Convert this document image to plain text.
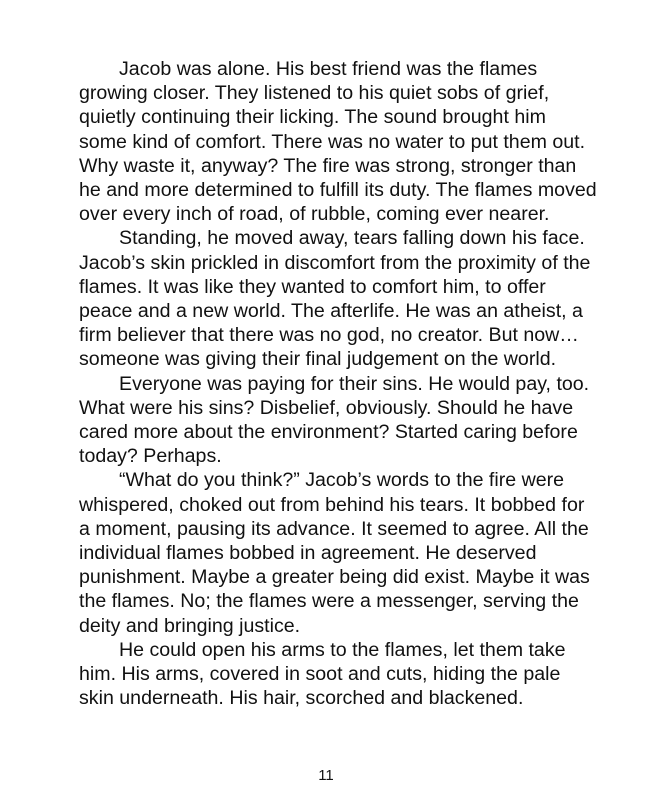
Jacob was alone. His best friend was the flames growing closer. They listened to his quiet sobs of grief, quietly continuing their licking. The sound brought him some kind of comfort. There was no water to put them out. Why waste it, anyway? The fire was strong, stronger than he and more determined to fulfill its duty. The flames moved over every inch of road, of rubble, coming ever nearer.

Standing, he moved away, tears falling down his face. Jacob’s skin prickled in discomfort from the proximity of the flames. It was like they wanted to comfort him, to offer peace and a new world. The afterlife. He was an atheist, a firm believer that there was no god, no creator. But now… someone was giving their final judgement on the world.

Everyone was paying for their sins. He would pay, too. What were his sins? Disbelief, obviously. Should he have cared more about the environment? Started caring before today? Perhaps.

“What do you think?” Jacob’s words to the fire were whispered, choked out from behind his tears. It bobbed for a moment, pausing its advance. It seemed to agree. All the individual flames bobbed in agreement. He deserved punishment. Maybe a greater being did exist. Maybe it was the flames. No; the flames were a messenger, serving the deity and bringing justice.

He could open his arms to the flames, let them take him. His arms, covered in soot and cuts, hiding the pale skin underneath. His hair, scorched and blackened.

11
